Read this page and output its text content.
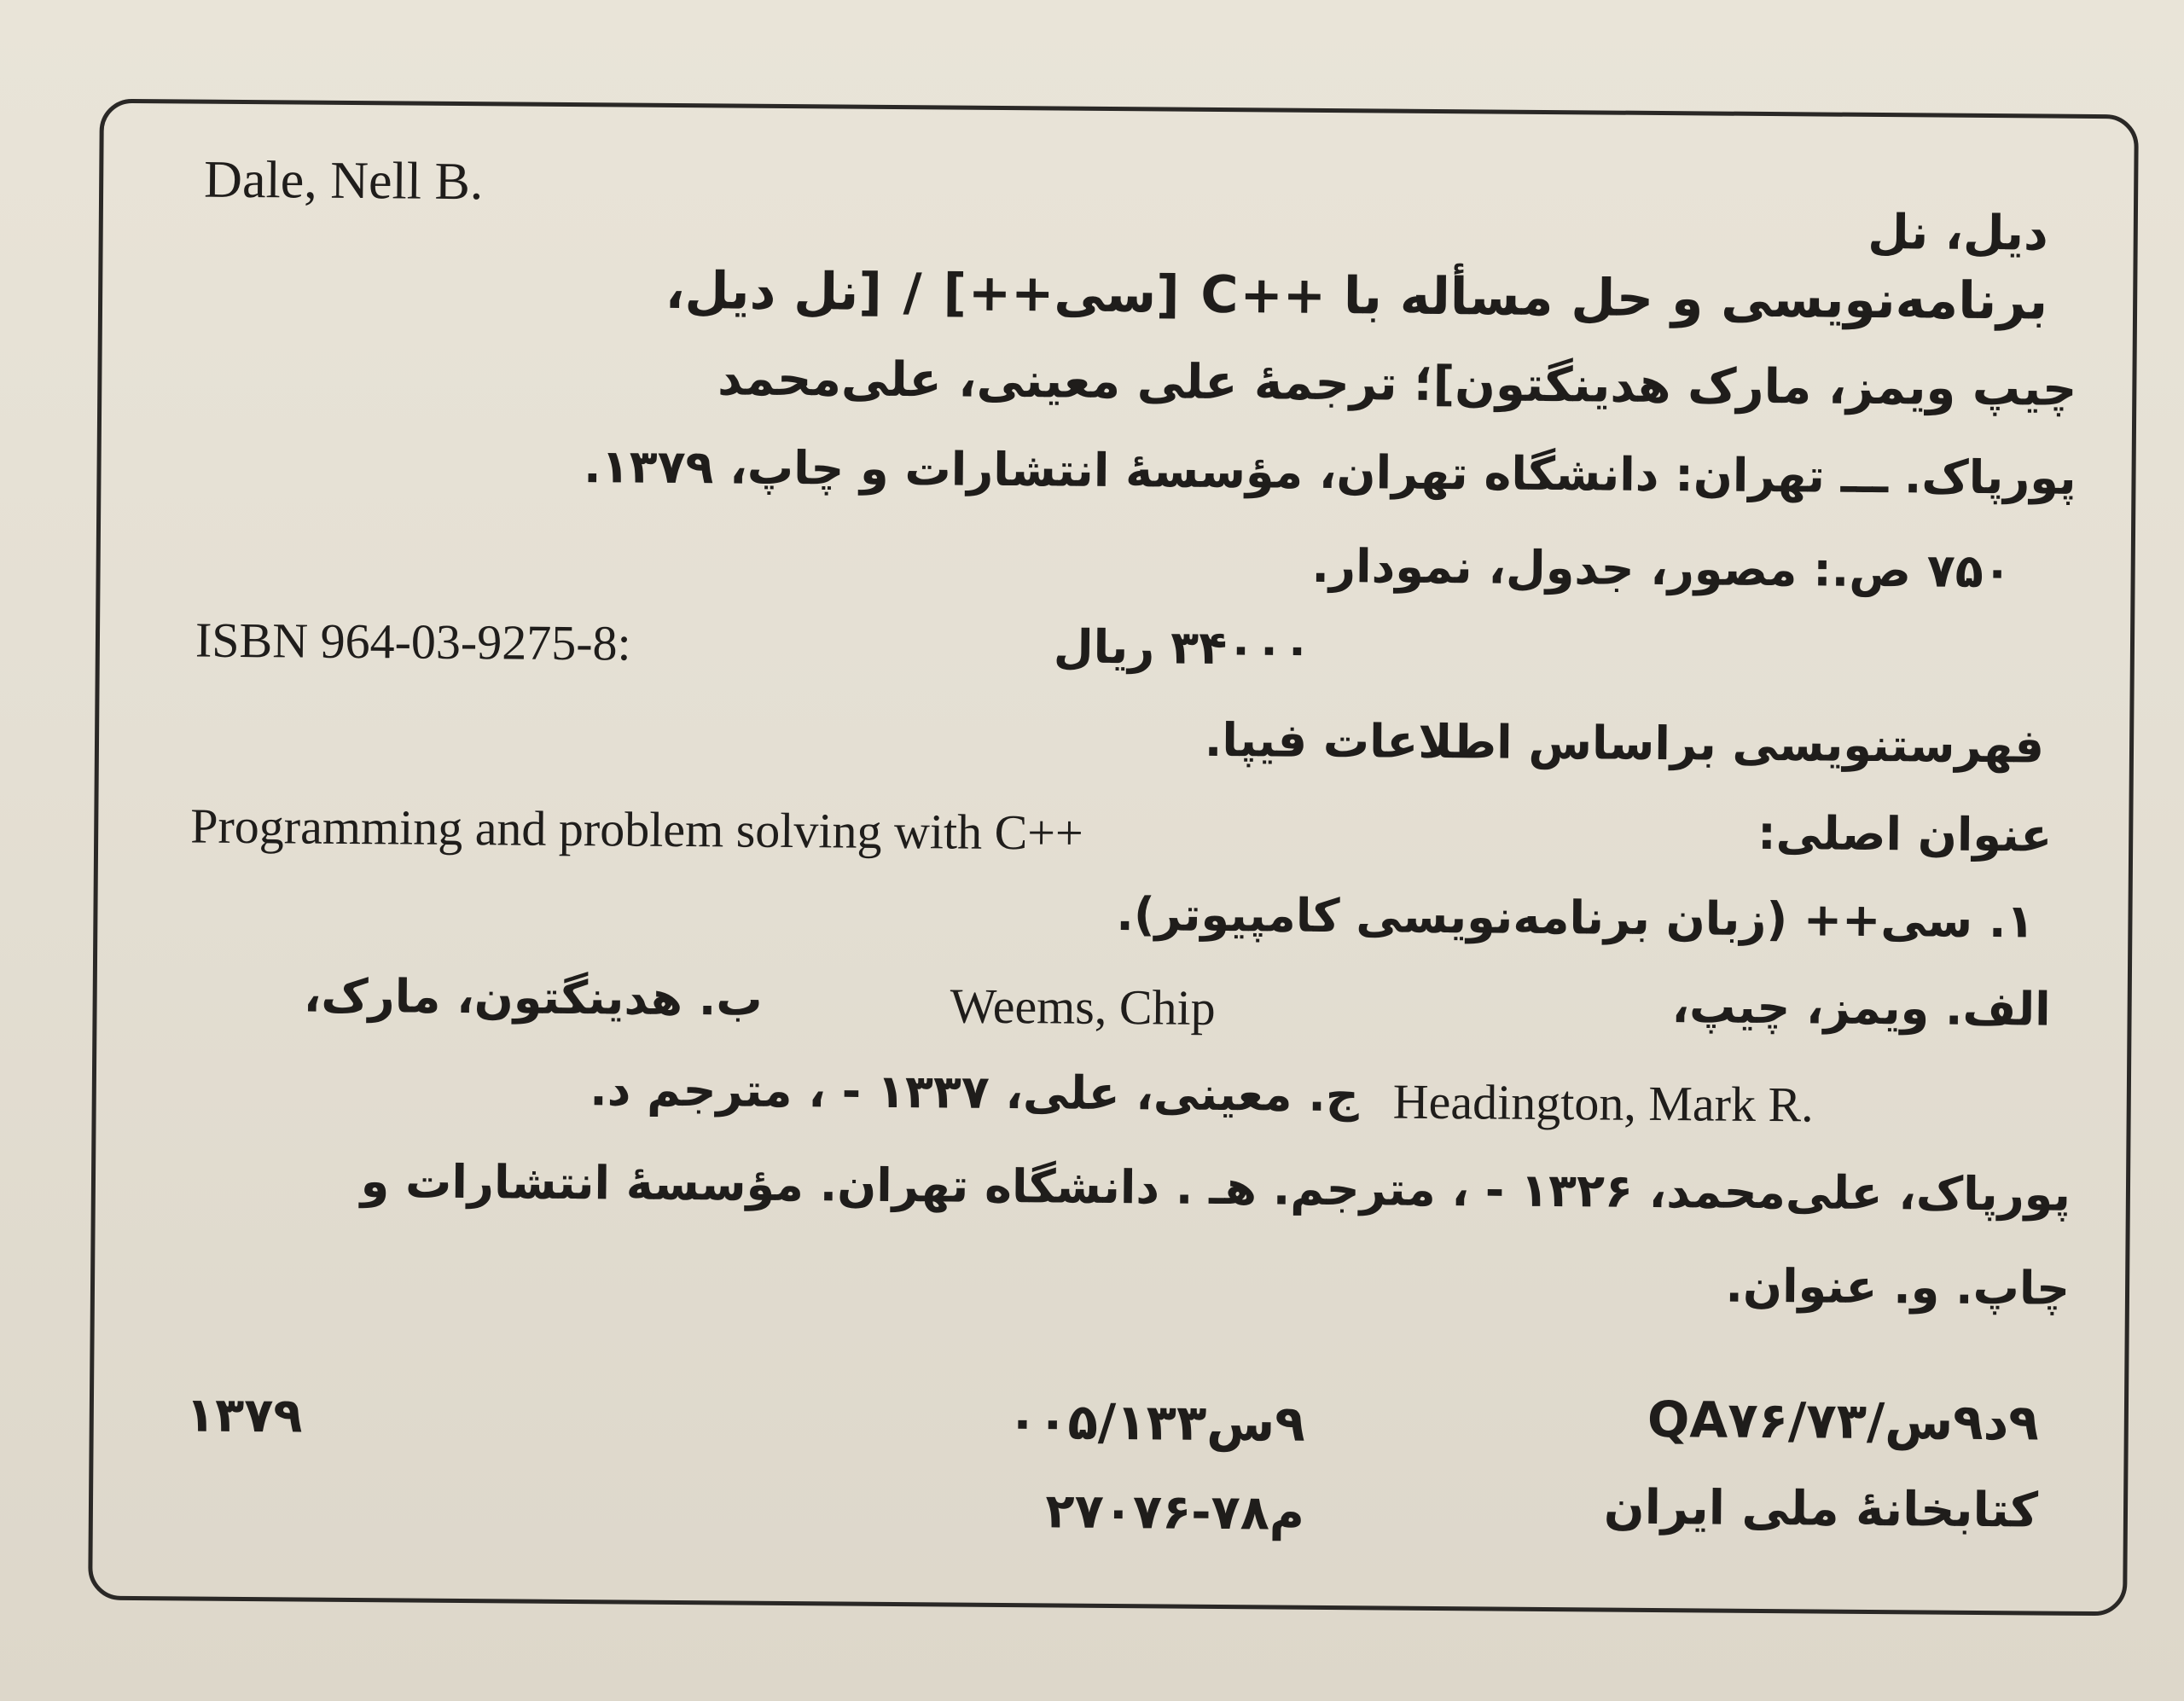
Dale, Nell B.
دیل، نل
برنامه‌نویسی و حل مسأله با ++C [سی++] / [نل دیل،
چیپ ویمز، مارک هدینگتون]؛ ترجمهٔ علی معینی، علی‌محمد
پورپاک. ـــ تهران: دانشگاه تهران، مؤسسهٔ انتشارات و چاپ، ۱۳۷۹.
۷۵۰ ص.: مصور، جدول، نمودار.
ISBN 964-03-9275-8:	۳۴۰۰۰ ریال
فهرستنویسی براساس اطلاعات فیپا.
Programming and problem solving with C++	عنوان اصلی:
۱. سی++ (زبان برنامه‌نویسی کامپیوتر).
الف. ویمز، چیپ،
Weems, Chip
ب. هدینگتون، مارک،
Headington, Mark R.
ج. معینی، علی، ۱۳۳۷ - ، مترجم د.
پورپاک، علی‌محمد، ۱۳۲۶ - ، مترجم. هـ . دانشگاه تهران. مؤسسهٔ انتشارات و
چاپ. و. عنوان.
۹د۹س/QA۷۶/۷۳
۹س۰۰۵/۱۳۳
۱۳۷۹
کتابخانهٔ ملی ایران
م۷۸-۲۷۰۷۶
